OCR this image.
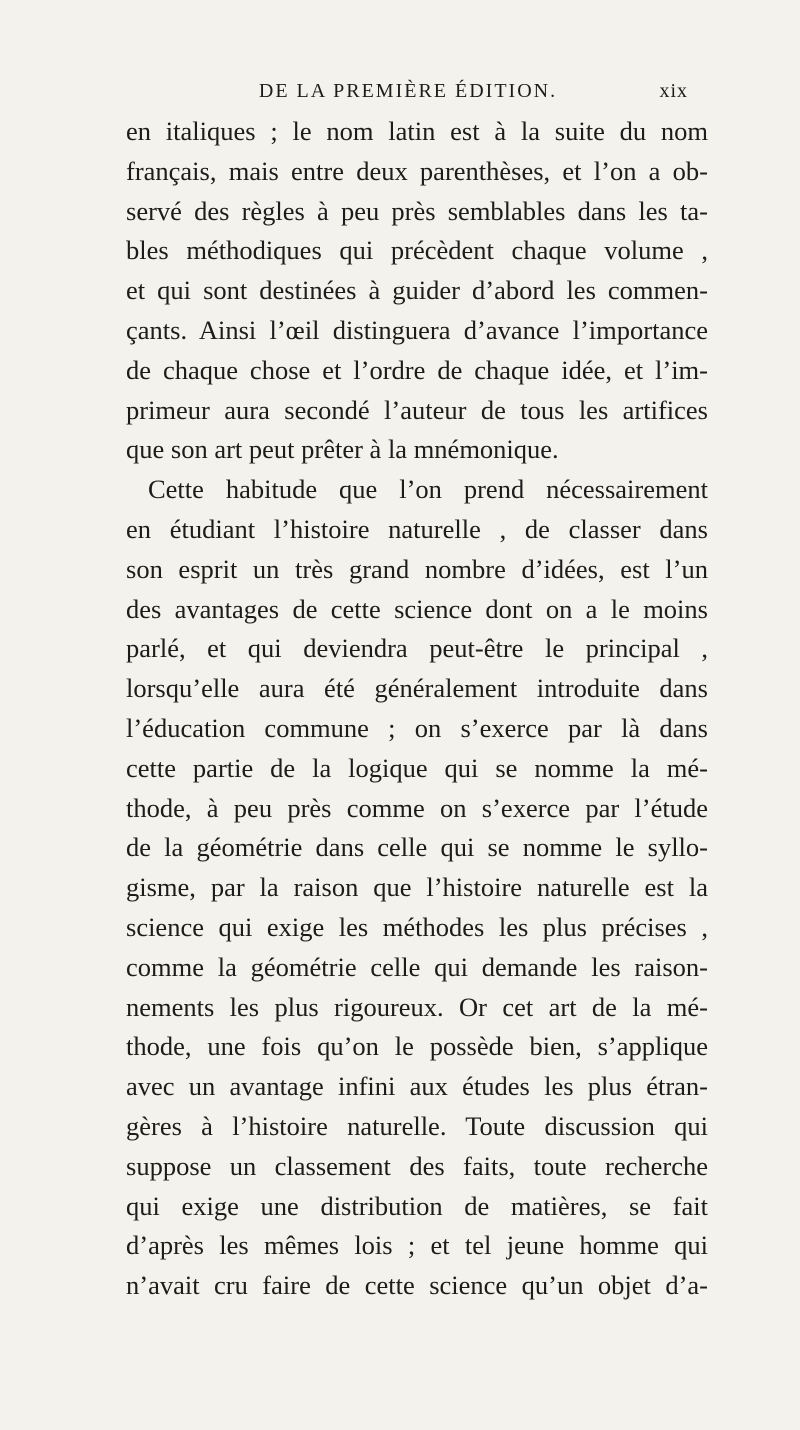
DE LA PREMIÈRE ÉDITION.	xix
en italiques ; le nom latin est à la suite du nom
français, mais entre deux parenthèses, et l’on a ob-
servé des règles à peu près semblables dans les ta-
bles méthodiques qui précèdent chaque volume ,
et qui sont destinées à guider d’abord les commen-
çants. Ainsi l’œil distinguera d’avance l’importance
de chaque chose et l’ordre de chaque idée, et l’im-
primeur aura secondé l’auteur de tous les artifices
que son art peut prêter à la mnémonique.
Cette habitude que l’on prend nécessairement
en étudiant l’histoire naturelle , de classer dans
son esprit un très grand nombre d’idées, est l’un
des avantages de cette science dont on a le moins
parlé, et qui deviendra peut-être le principal ,
lorsqu’elle aura été généralement introduite dans
l’éducation commune ; on s’exerce par là dans
cette partie de la logique qui se nomme la mé-
thode, à peu près comme on s’exerce par l’étude
de la géométrie dans celle qui se nomme le syllo-
gisme, par la raison que l’histoire naturelle est la
science qui exige les méthodes les plus précises ,
comme la géométrie celle qui demande les raison-
nements les plus rigoureux. Or cet art de la mé-
thode, une fois qu’on le possède bien, s’applique
avec un avantage infini aux études les plus étran-
gères à l’histoire naturelle. Toute discussion qui
suppose un classement des faits, toute recherche
qui exige une distribution de matières, se fait
d’après les mêmes lois ; et tel jeune homme qui
n’avait cru faire de cette science qu’un objet d’a-
